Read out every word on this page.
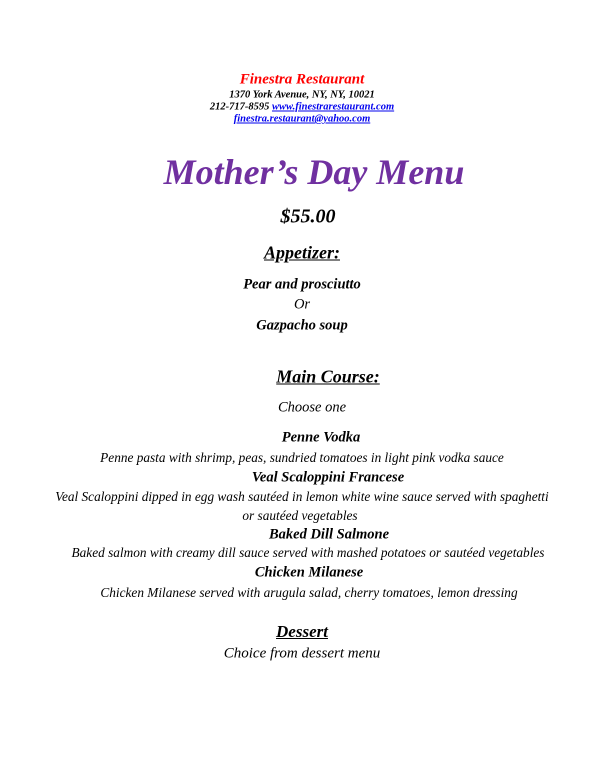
Finestra Restaurant
1370 York Avenue, NY, NY, 10021
212-717-8595 www.finestrarestaurant.com
finestra.restaurant@yahoo.com
Mother’s Day Menu
$55.00
Appetizer:
Pear and prosciutto
Or
Gazpacho soup
Main Course:
Choose one
Penne Vodka
Penne pasta with shrimp, peas, sundried tomatoes in light pink vodka sauce
Veal Scaloppini Francese
Veal Scaloppini dipped in egg wash sautéed in lemon white wine sauce served with spaghetti
or sautéed vegetables
Baked Dill Salmone
Baked salmon with creamy dill sauce served with mashed potatoes or sautéed vegetables
Chicken Milanese
Chicken Milanese served with arugula salad, cherry tomatoes, lemon dressing
Dessert
Choice from dessert menu
